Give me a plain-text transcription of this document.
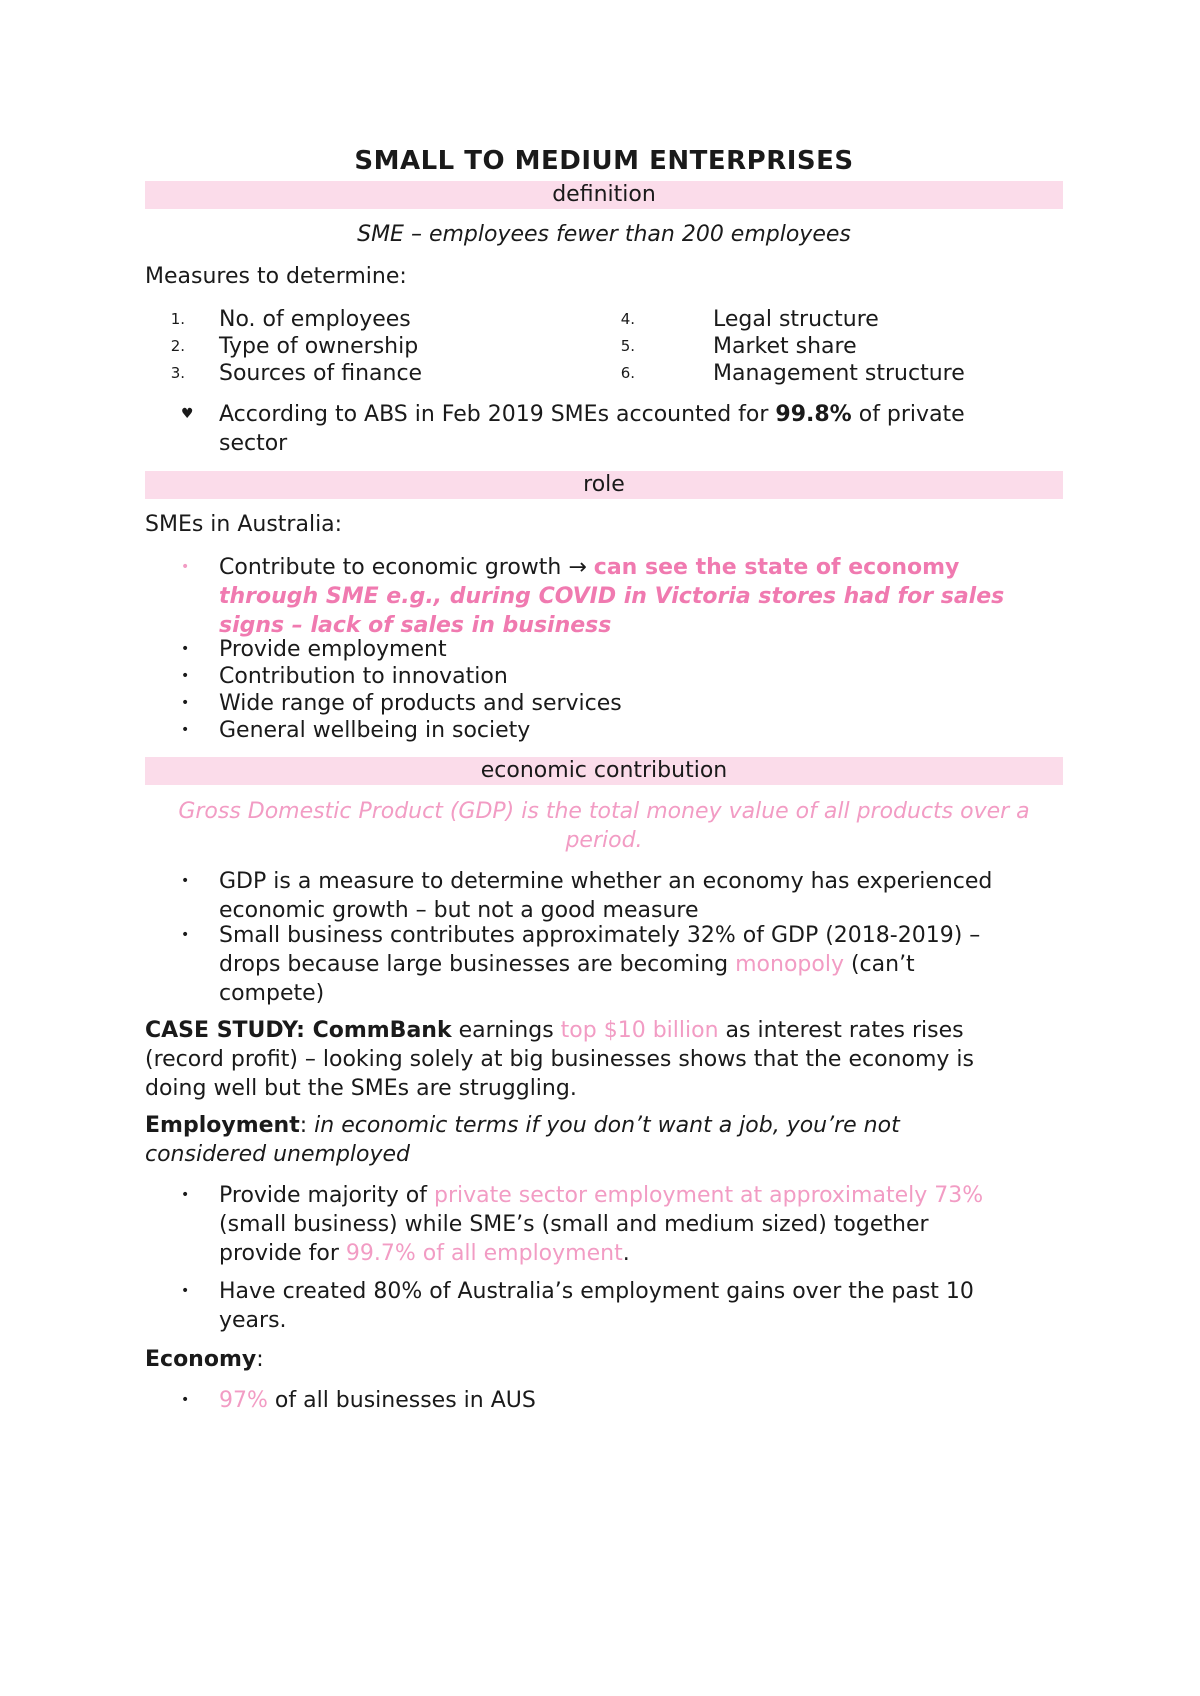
SMALL TO MEDIUM ENTERPRISES
definition
SME – employees fewer than 200 employees
Measures to determine:
1. No. of employees
2. Type of ownership
3. Sources of finance
4.	Legal structure
5.	Market share
6.	Management structure
♥	According to ABS in Feb 2019 SMEs accounted for 99.8% of private
sector
role
SMEs in Australia:
•	Contribute to economic growth → can see the state of economy
through SME e.g., during COVID in Victoria stores had for sales
signs – lack of sales in business
•	Provide employment
•	Contribution to innovation
•	Wide range of products and services
•	General wellbeing in society
economic contribution
Gross Domestic Product (GDP) is the total money value of all products over a
period.
•	GDP is a measure to determine whether an economy has experienced
economic growth – but not a good measure
•	Small business contributes approximately 32% of GDP (2018-2019) –
drops because large businesses are becoming monopoly (can’t
compete)
CASE STUDY: CommBank earnings top $10 billion as interest rates rises
(record profit) – looking solely at big businesses shows that the economy is
doing well but the SMEs are struggling.
Employment: in economic terms if you don’t want a job, you’re not
considered unemployed
•	Provide majority of private sector employment at approximately 73%
(small business) while SME’s (small and medium sized) together
provide for 99.7% of all employment.
•	Have created 80% of Australia’s employment gains over the past 10
years.
Economy:
•	97% of all businesses in AUS
